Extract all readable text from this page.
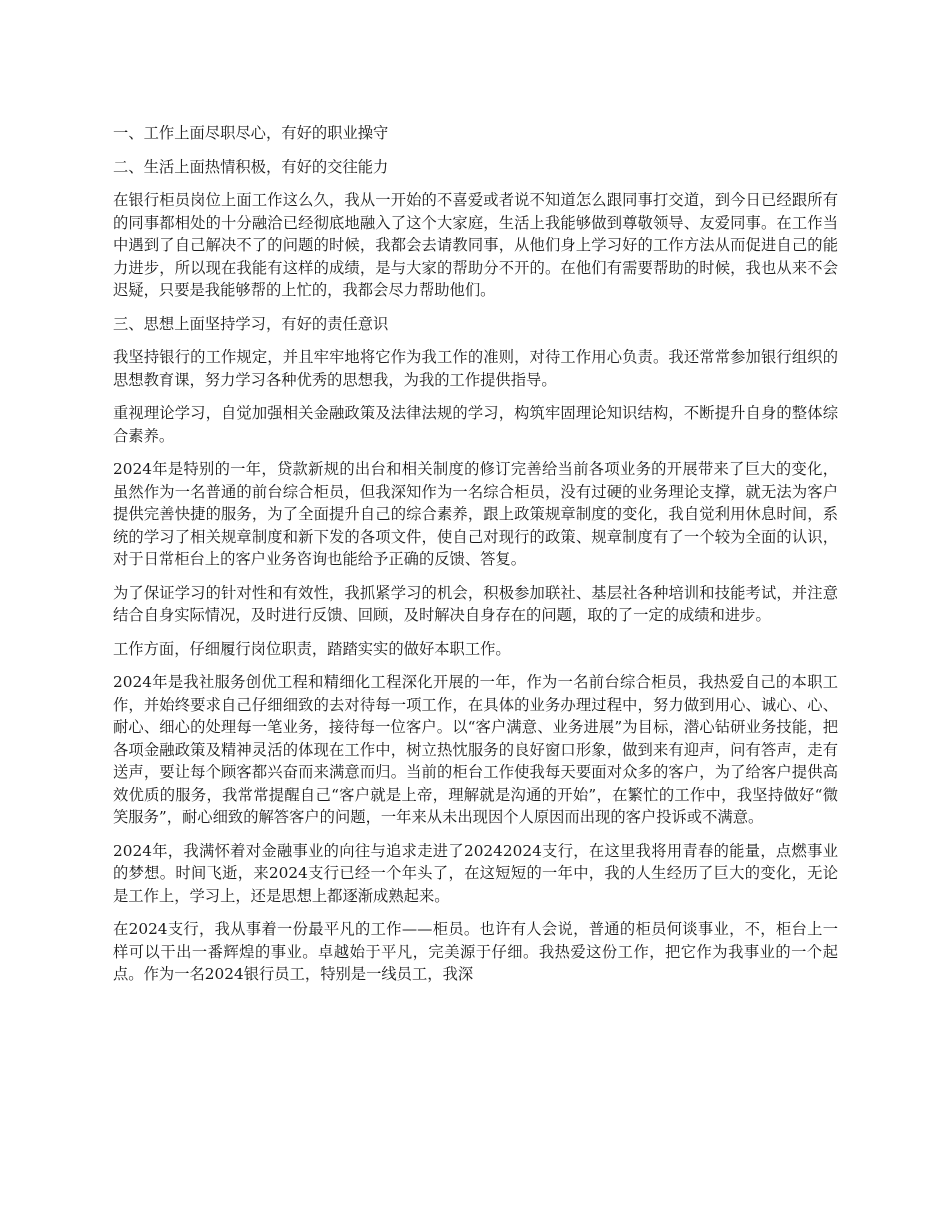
一、工作上面尽职尽心，有好的职业操守

二、生活上面热情积极，有好的交往能力

在银行柜员岗位上面工作这么久，我从一开始的不喜爱或者说不知道怎么跟同事打交道，到今日已经跟所有的同事都相处的十分融洽已经彻底地融入了这个大家庭，生活上我能够做到尊敬领导、友爱同事。在工作当中遇到了自己解决不了的问题的时候，我都会去请教同事，从他们身上学习好的工作方法从而促进自己的能力进步，所以现在我能有这样的成绩，是与大家的帮助分不开的。在他们有需要帮助的时候，我也从来不会迟疑，只要是我能够帮的上忙的，我都会尽力帮助他们。

三、思想上面坚持学习，有好的责任意识

我坚持银行的工作规定，并且牢牢地将它作为我工作的准则，对待工作用心负责。我还常常参加银行组织的思想教育课，努力学习各种优秀的思想我，为我的工作提供指导。

重视理论学习，自觉加强相关金融政策及法律法规的学习，构筑牢固理论知识结构，不断提升自身的整体综合素养。

2024年是特别的一年，贷款新规的出台和相关制度的修订完善给当前各项业务的开展带来了巨大的变化，虽然作为一名普通的前台综合柜员，但我深知作为一名综合柜员，没有过硬的业务理论支撑，就无法为客户提供完善快捷的服务，为了全面提升自己的综合素养，跟上政策规章制度的变化，我自觉利用休息时间，系统的学习了相关规章制度和新下发的各项文件，使自己对现行的政策、规章制度有了一个较为全面的认识，对于日常柜台上的客户业务咨询也能给予正确的反馈、答复。

为了保证学习的针对性和有效性，我抓紧学习的机会，积极参加联社、基层社各种培训和技能考试，并注意结合自身实际情况，及时进行反馈、回顾，及时解决自身存在的问题，取的了一定的成绩和进步。

工作方面，仔细履行岗位职责，踏踏实实的做好本职工作。

2024年是我社服务创优工程和精细化工程深化开展的一年，作为一名前台综合柜员，我热爱自己的本职工作，并始终要求自己仔细细致的去对待每一项工作，在具体的业务办理过程中，努力做到用心、诚心、心、耐心、细心的处理每一笔业务，接待每一位客户。以“客户满意、业务进展”为目标，潜心钻研业务技能，把各项金融政策及精神灵活的体现在工作中，树立热忱服务的良好窗口形象，做到来有迎声，问有答声，走有送声，要让每个顾客都兴奋而来满意而归。当前的柜台工作使我每天要面对众多的客户，为了给客户提供高效优质的服务，我常常提醒自己“客户就是上帝，理解就是沟通的开始”，在繁忙的工作中，我坚持做好“微笑服务”，耐心细致的解答客户的问题，一年来从未出现因个人原因而出现的客户投诉或不满意。

2024年，我满怀着对金融事业的向往与追求走进了20242024支行，在这里我将用青春的能量，点燃事业的梦想。时间飞逝，来2024支行已经一个年头了，在这短短的一年中，我的人生经历了巨大的变化，无论是工作上，学习上，还是思想上都逐渐成熟起来。

在2024支行，我从事着一份最平凡的工作——柜员。也许有人会说，普通的柜员何谈事业，不，柜台上一样可以干出一番辉煌的事业。卓越始于平凡，完美源于仔细。我热爱这份工作，把它作为我事业的一个起点。作为一名2024银行员工，特别是一线员工，我深
